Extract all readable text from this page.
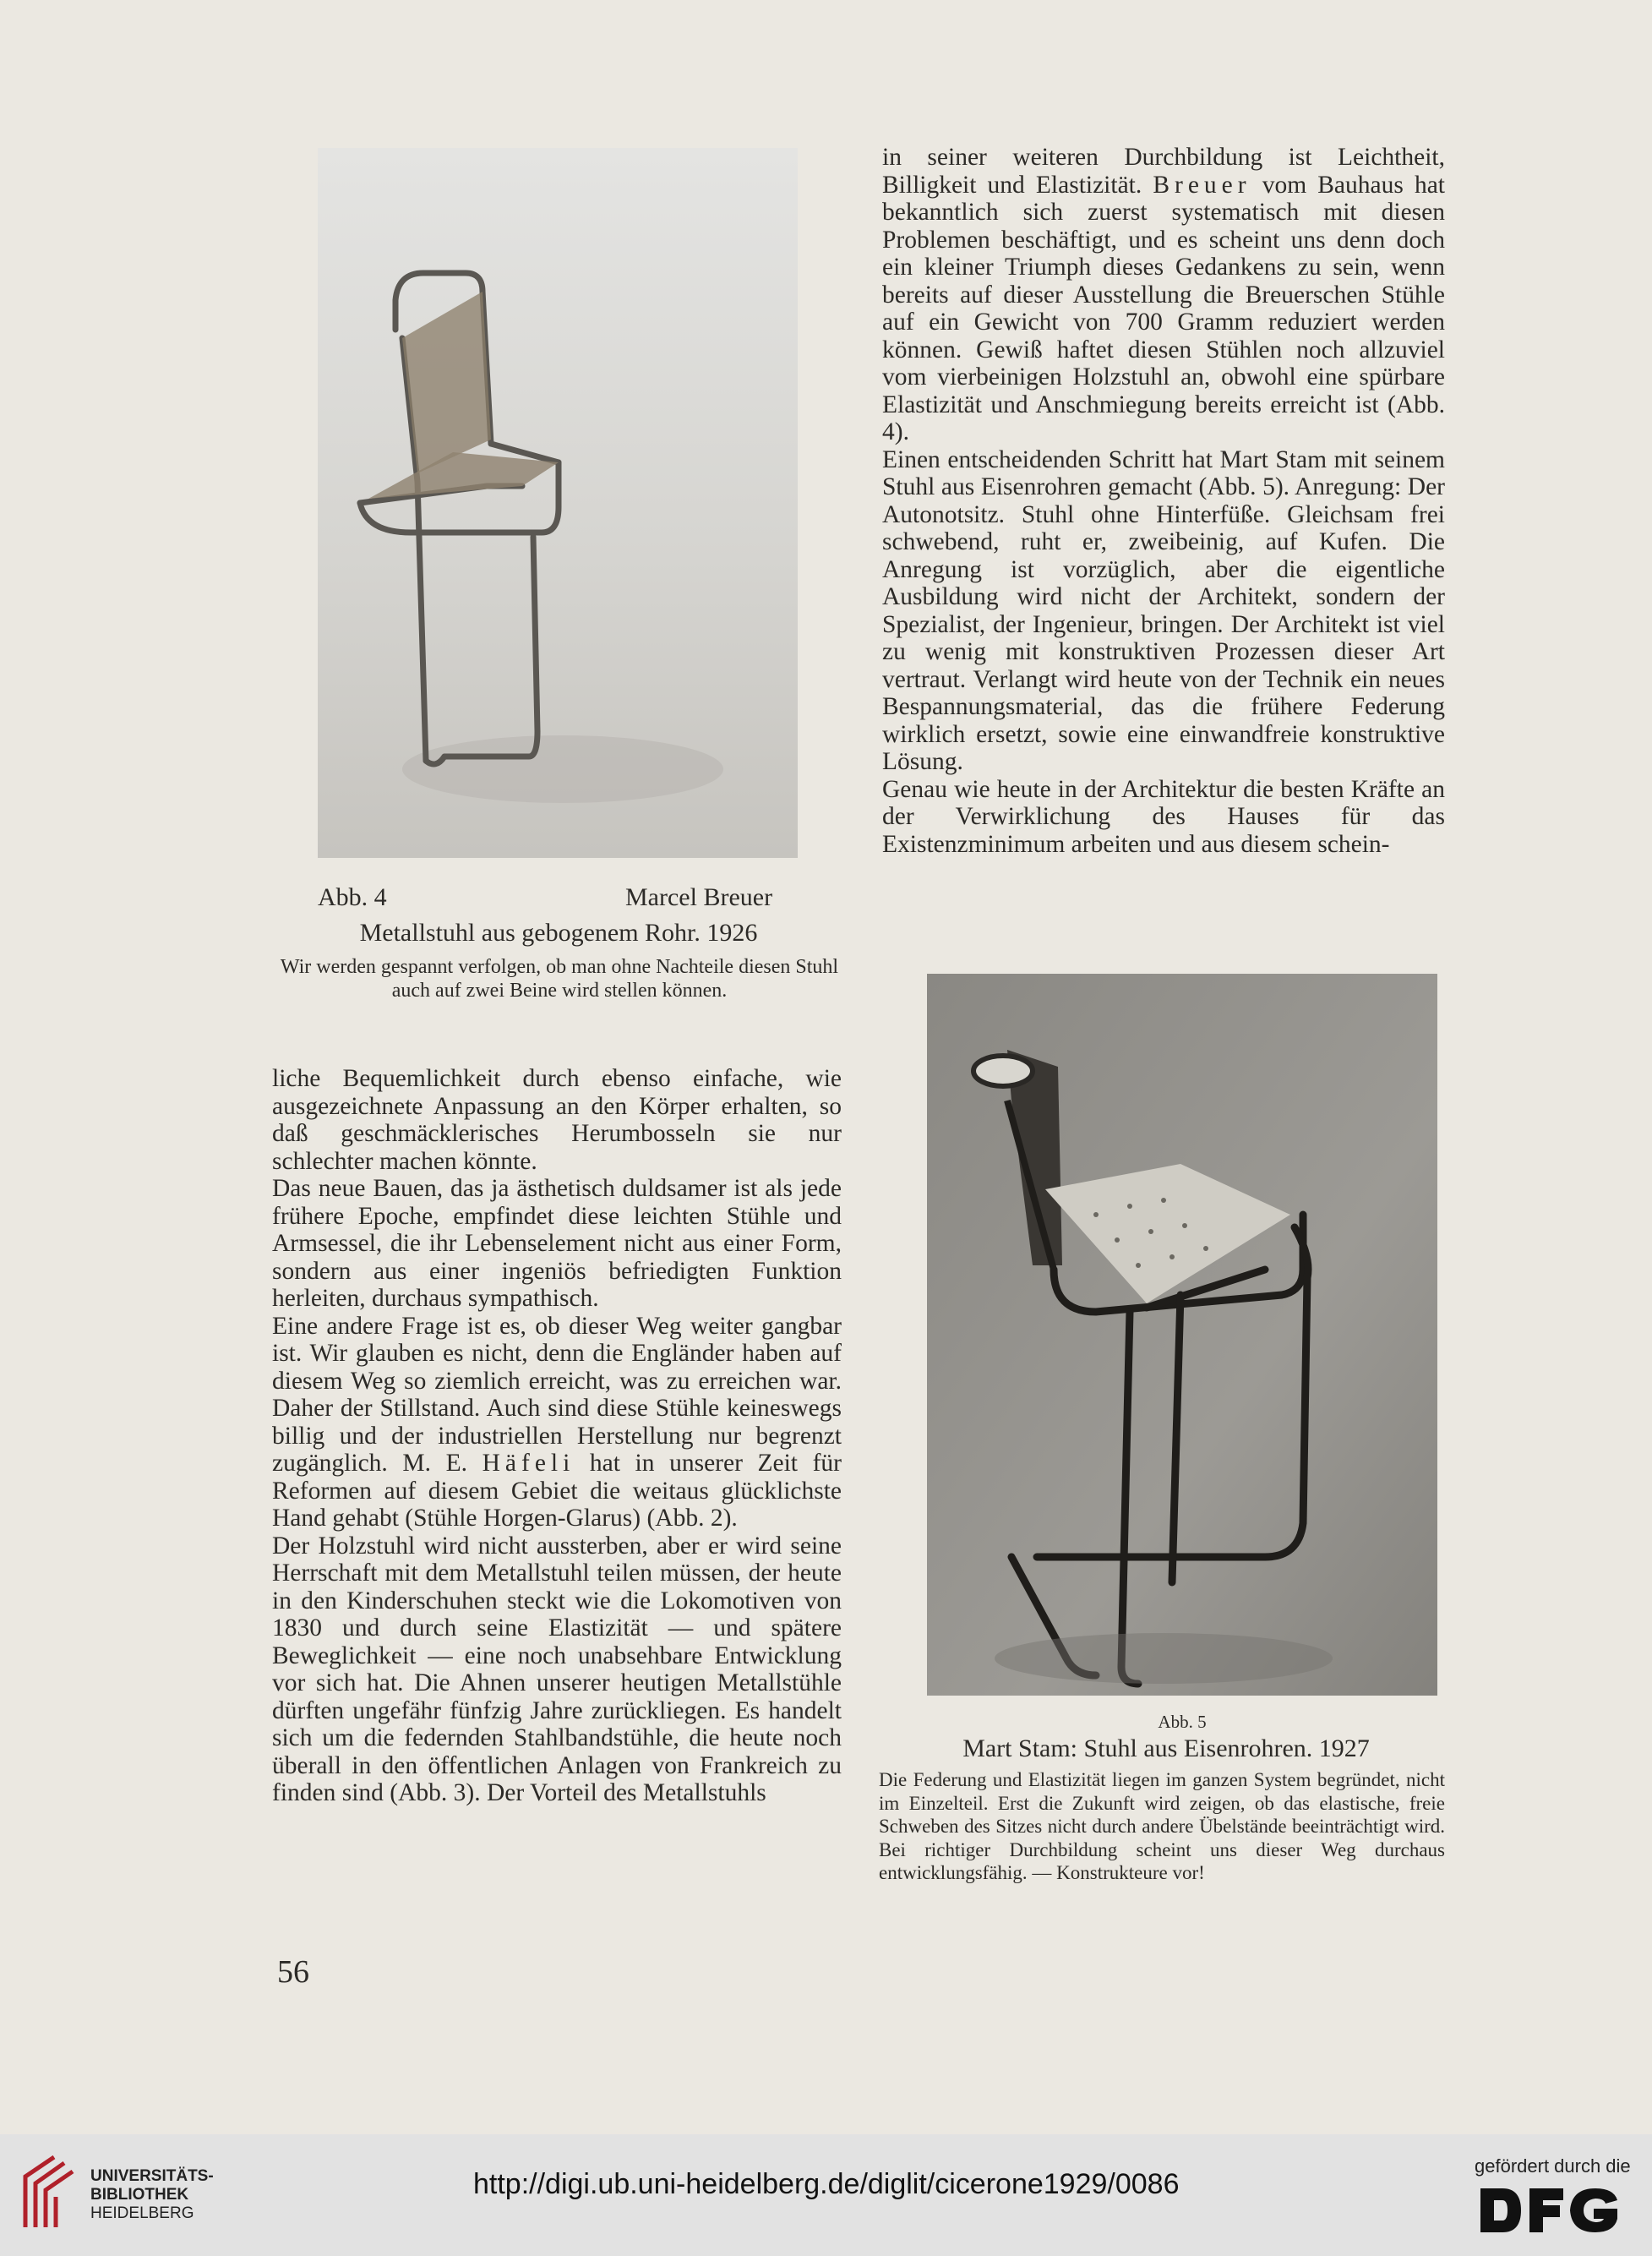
in seiner weiteren Durchbildung ist Leichtheit, Billigkeit und Elastizität. Breuer vom Bauhaus hat bekanntlich sich zuerst systematisch mit diesen Problemen beschäftigt, und es scheint uns denn doch ein kleiner Triumph dieses Gedankens zu sein, wenn bereits auf dieser Ausstellung die Breuerschen Stühle auf ein Gewicht von 700 Gramm reduziert werden können. Gewiß haftet diesen Stühlen noch allzuviel vom vierbeinigen Holzstuhl an, obwohl eine spürbare Elastizität und Anschmiegung bereits erreicht ist (Abb. 4).

Einen entscheidenden Schritt hat Mart Stam mit seinem Stuhl aus Eisenrohren gemacht (Abb. 5). Anregung: Der Autonotsitz. Stuhl ohne Hinterfüße. Gleichsam frei schwebend, ruht er, zweibeinig, auf Kufen. Die Anregung ist vorzüglich, aber die eigentliche Ausbildung wird nicht der Architekt, sondern der Spezialist, der Ingenieur, bringen. Der Architekt ist viel zu wenig mit konstruktiven Prozessen dieser Art vertraut. Verlangt wird heute von der Technik ein neues Bespannungsmaterial, das die frühere Federung wirklich ersetzt, sowie eine einwandfreie konstruktive Lösung.

Genau wie heute in der Architektur die besten Kräfte an der Verwirklichung des Hauses für das Existenzminimum arbeiten und aus diesem schein-

Abb. 4	Marcel Breuer
Metallstuhl aus gebogenem Rohr. 1926
Wir werden gespannt verfolgen, ob man ohne Nachteile diesen Stuhl auch auf zwei Beine wird stellen können.

liche Bequemlichkeit durch ebenso einfache, wie ausgezeichnete Anpassung an den Körper erhalten, so daß geschmäcklerisches Herumbosseln sie nur schlechter machen könnte.

Das neue Bauen, das ja ästhetisch duldsamer ist als jede frühere Epoche, empfindet diese leichten Stühle und Armsessel, die ihr Lebenselement nicht aus einer Form, sondern aus einer ingeniös befriedigten Funktion herleiten, durchaus sympathisch.

Eine andere Frage ist es, ob dieser Weg weiter gangbar ist. Wir glauben es nicht, denn die Engländer haben auf diesem Weg so ziemlich erreicht, was zu erreichen war. Daher der Stillstand. Auch sind diese Stühle keineswegs billig und der industriellen Herstellung nur begrenzt zugänglich. M. E. Häfeli hat in unserer Zeit für Reformen auf diesem Gebiet die weitaus glücklichste Hand gehabt (Stühle Horgen-Glarus) (Abb. 2).

Der Holzstuhl wird nicht aussterben, aber er wird seine Herrschaft mit dem Metallstuhl teilen müssen, der heute in den Kinderschuhen steckt wie die Lokomotiven von 1830 und durch seine Elastizität — und spätere Beweglichkeit — eine noch unabsehbare Entwicklung vor sich hat. Die Ahnen unserer heutigen Metallstühle dürften ungefähr fünfzig Jahre zurückliegen. Es handelt sich um die federnden Stahlbandstühle, die heute noch überall in den öffentlichen Anlagen von Frankreich zu finden sind (Abb. 3). Der Vorteil des Metallstuhls

Abb. 5
Mart Stam: Stuhl aus Eisenrohren. 1927
Die Federung und Elastizität liegen im ganzen System begründet, nicht im Einzelteil. Erst die Zukunft wird zeigen, ob das elastische, freie Schweben des Sitzes nicht durch andere Übelstände beeinträchtigt wird. Bei richtiger Durchbildung scheint uns dieser Weg durchaus entwicklungsfähig. — Konstrukteure vor!
56
UNIVERSITÄTS-
BIBLIOTHEK
HEIDELBERG
http://digi.ub.uni-heidelberg.de/diglit/cicerone1929/0086
gefördert durch die
DFG
